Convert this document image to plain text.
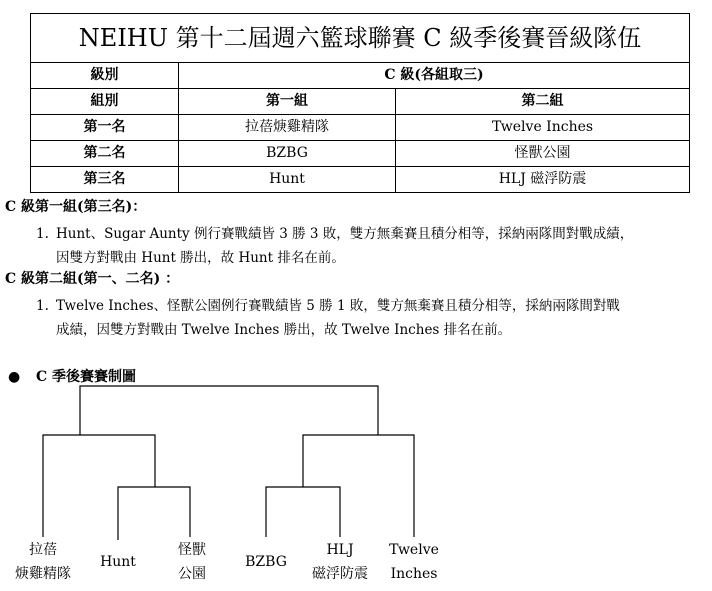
NEIHU 第十二屆週六籃球聯賽 C 級季後賽晉級隊伍		
級別	C 級(各組取三)	
組別	第一組	第二組
第一名	拉蓓焿雞精隊	Twelve Inches
第二名	BZBG	怪獸公園
第三名	Hunt	HLJ 磁浮防震
C 級第一組(第三名)：
1. Hunt、Sugar Aunty 例行賽戰績皆 3 勝 3 敗，雙方無棄賽且積分相等，採納兩隊間對戰成績，
因雙方對戰由 Hunt 勝出，故 Hunt 排名在前。
C 級第二組(第一、二名) ：
1. Twelve Inches、怪獸公園例行賽戰績皆 5 勝 1 敗，雙方無棄賽且積分相等，採納兩隊間對戰
成績，因雙方對戰由 Twelve Inches 勝出，故 Twelve Inches 排名在前。
● C 季後賽賽制圖
拉蓓
焿雞精隊
Hunt
怪獸
公園
BZBG
HLJ
磁浮防震
Twelve
Inches
